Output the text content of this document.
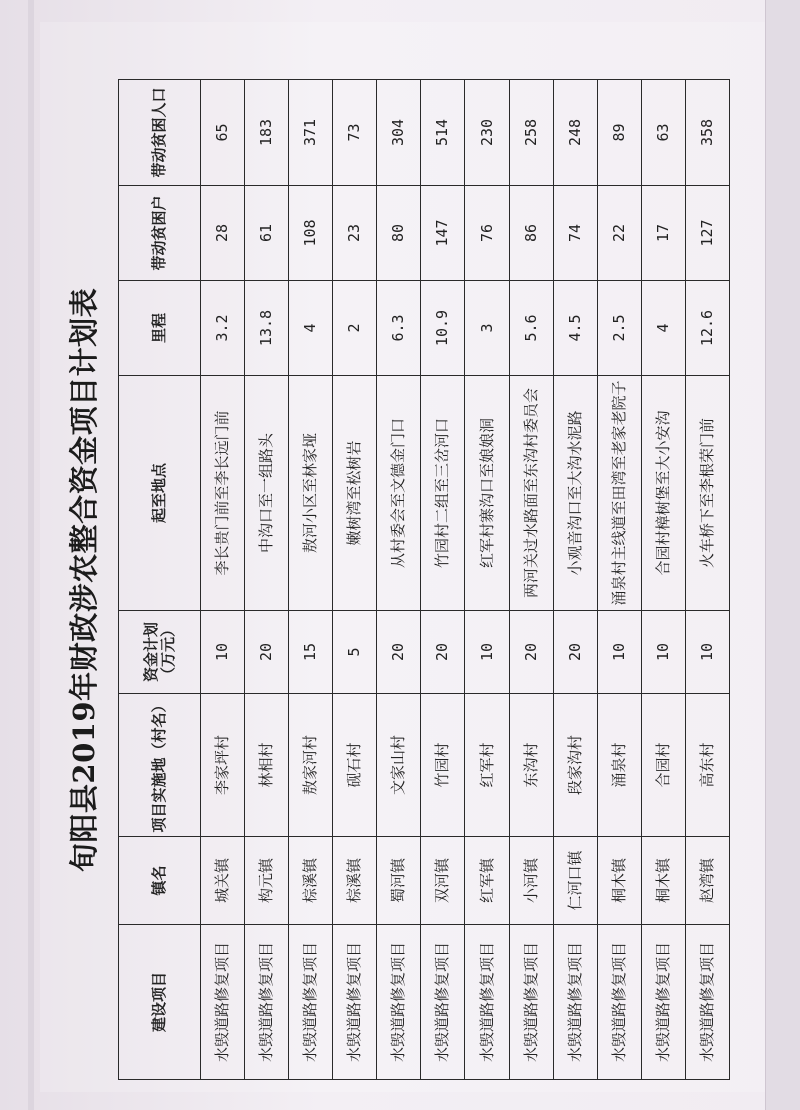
旬阳县2019年财政涉农整合资金项目计划表
建设项目	镇名	项目实施地（村名）	资金计划（万元）	起至地点	里程	带动贫困户	带动贫困人口
水毁道路修复项目	城关镇	李家坪村	10	李长贵门前至李长远门前	3.2	28	65
水毁道路修复项目	构元镇	林相村	20	中沟口至一组路头	13.8	61	183
水毁道路修复项目	棕溪镇	敖家河村	15	敖河小区至林家垭	4	108	371
水毁道路修复项目	棕溪镇	砚石村	5	嫩树湾至松树岩	2	23	73
水毁道路修复项目	蜀河镇	文家山村	20	从村委会至文德金门口	6.3	80	304
水毁道路修复项目	双河镇	竹园村	20	竹园村二组至三岔河口	10.9	147	514
水毁道路修复项目	红军镇	红军村	10	红军村寨沟口至娘娘洞	3	76	230
水毁道路修复项目	小河镇	东沟村	20	两河关过水路面至东沟村委员会	5.6	86	258
水毁道路修复项目	仁河口镇	段家沟村	20	小观音沟口至大沟水泥路	4.5	74	248
水毁道路修复项目	桐木镇	涌泉村	10	涌泉村主线道至田湾至老家老院子	2.5	22	89
水毁道路修复项目	桐木镇	合园村	10	合园村樟树堡至大小安沟	4	17	63
水毁道路修复项目	赵湾镇	高东村	10	火车桥下至李根荣门前	12.6	127	358
